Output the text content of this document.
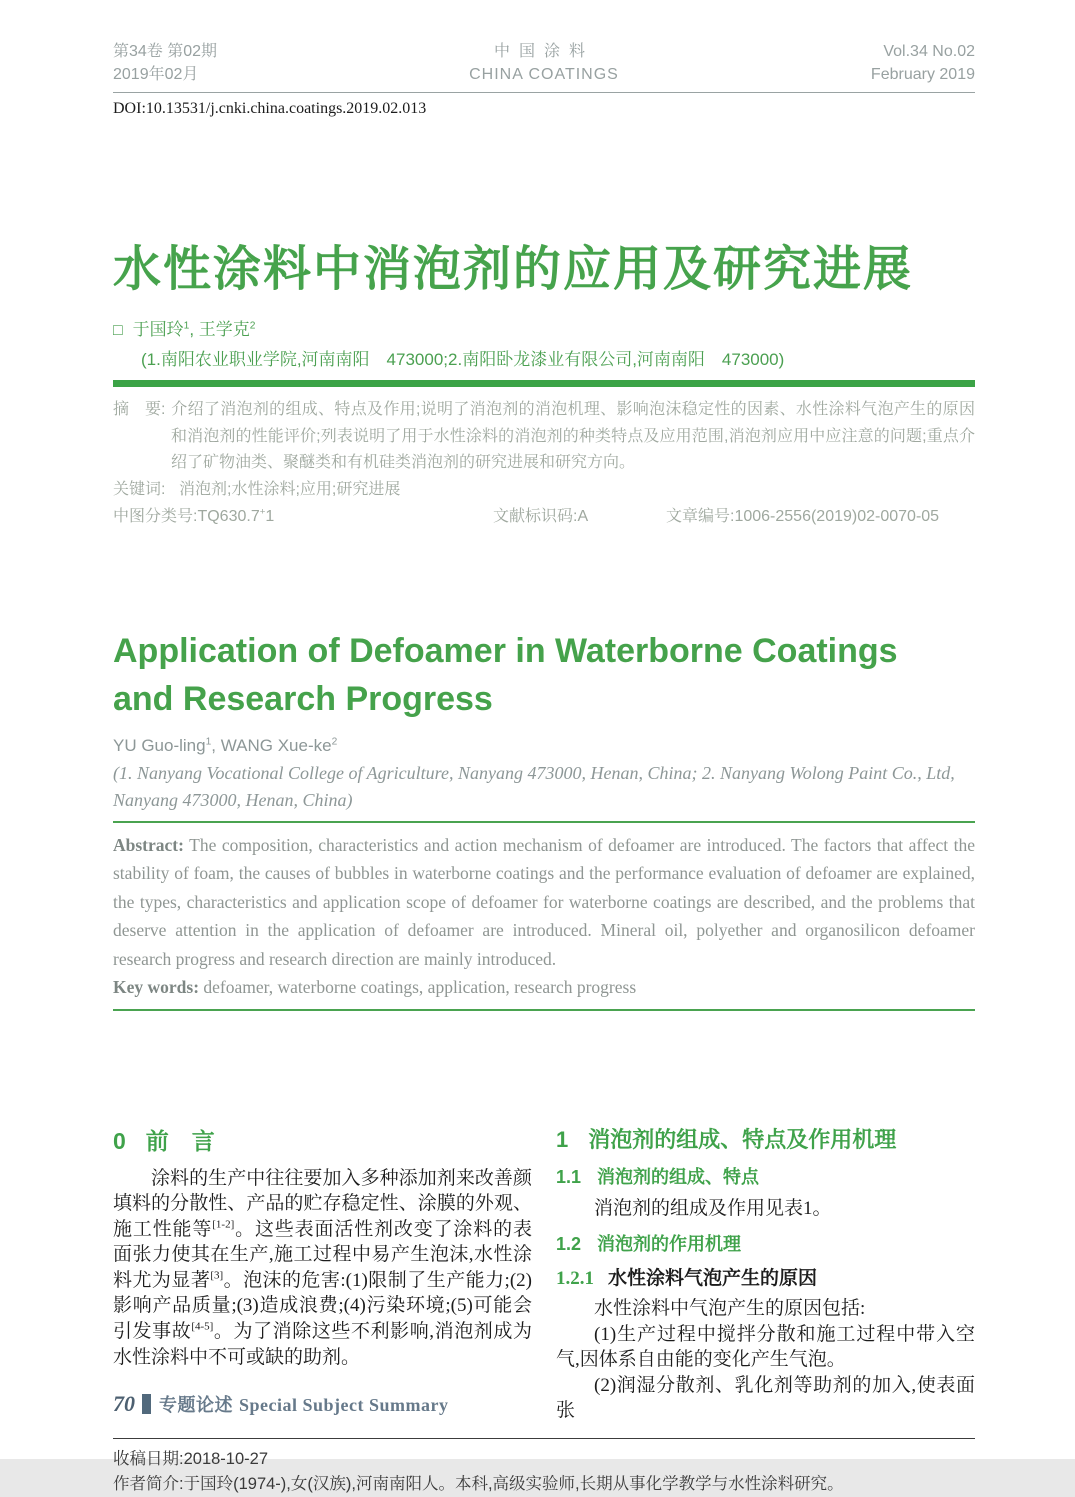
第34卷 第02期
2019年02月
中国涂料
CHINA COATINGS
Vol.34 No.02
February 2019
DOI:10.13531/j.cnki.china.coatings.2019.02.013
水性涂料中消泡剂的应用及研究进展
□ 于国玲$^1$, 王学克$^2$
(1.南阳农业职业学院,河南南阳　473000;2.南阳卧龙漆业有限公司,河南南阳　473000)
摘　要: 介绍了消泡剂的组成、特点及作用;说明了消泡剂的消泡机理、影响泡沫稳定性的因素、水性涂料气泡产生的原因和消泡剂的性能评价;列表说明了用于水性涂料的消泡剂的种类特点及应用范围,消泡剂应用中应注意的问题;重点介绍了矿物油类、聚醚类和有机硅类消泡剂的研究进展和研究方向。
关键词: 消泡剂;水性涂料;应用;研究进展
中图分类号:TQ630.7+1	文献标识码:A	文章编号:1006-2556(2019)02-0070-05
Application of Defoamer in Waterborne Coatings and Research Progress
YU Guo-ling$^1$, WANG Xue-$ke^2$
(1. Nanyang Vocational College of Agriculture, Nanyang 473000, Henan, China; 2. Nanyang Wolong Paint Co., Ltd, Nanyang 473000, Henan, China)
Abstract: The composition, characteristics and action mechanism of defoamer are introduced. The factors that affect the stability of foam, the causes of bubbles in waterborne coatings and the performance evaluation of defoamer are explained, the types, characteristics and application scope of defoamer for waterborne coatings are described, and the problems that deserve attention in the application of defoamer are introduced. Mineral oil, polyether and organosilicon defoamer research progress and research direction are mainly introduced.
Key words: defoamer, waterborne coatings, application, research progress
0 前　言

涂料的生产中往往要加入多种添加剂来改善颜填料的分散性、产品的贮存稳定性、涂膜的外观、施工性能等[1-2]。这些表面活性剂改变了涂料的表面张力使其在生产,施工过程中易产生泡沫,水性涂料尤为显著[3]。泡沫的危害:(1)限制了生产能力;(2)影响产品质量;(3)造成浪费;(4)污染环境;(5)可能会引发事故[4-5]。为了消除这些不利影响,消泡剂成为水性涂料中不可或缺的助剂。

1 消泡剂的组成、特点及作用机理
1.1 消泡剂的组成、特点

消泡剂的组成及作用见表1。

1.2 消泡剂的作用机理
1.2.1 水性涂料气泡产生的原因

水性涂料中气泡产生的原因包括:

(1)生产过程中搅拌分散和施工过程中带入空气,因体系自由能的变化产生气泡。

(2)润湿分散剂、乳化剂等助剂的加入,使表面张

收稿日期:2018-10-27
作者简介:于国玲(1974-),女(汉族),河南南阳人。本科,高级实验师,长期从事化学教学与水性涂料研究。
70 专题论述 Special Subject Summary
